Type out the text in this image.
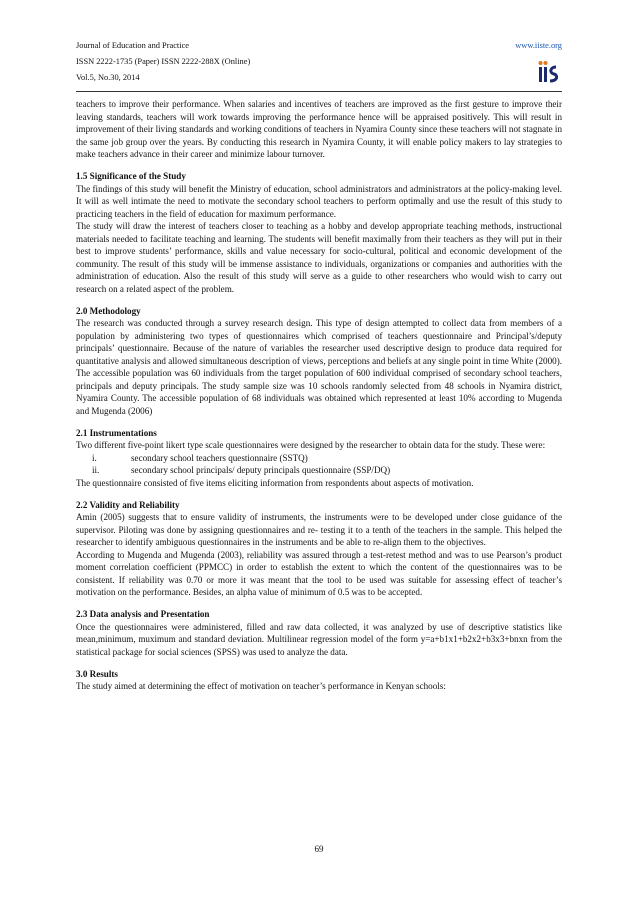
Journal of Education and Practice
ISSN 2222-1735 (Paper) ISSN 2222-288X (Online)
Vol.5, No.30, 2014
www.iiste.org

teachers to improve their performance. When salaries and incentives of teachers are improved as the first gesture to improve their leaving standards, teachers will work towards improving the performance hence will be appraised positively. This will result in improvement of their living standards and working conditions of teachers in Nyamira County since these teachers will not stagnate in the same job group over the years. By conducting this research in Nyamira County, it will enable policy makers to lay strategies to make teachers advance in their career and minimize labour turnover.

1.5 Significance of the Study

The findings of this study will benefit the Ministry of education, school administrators and administrators at the policy-making level. It will as well intimate the need to motivate the secondary school teachers to perform optimally and use the result of this study to practicing teachers in the field of education for maximum performance.

The study will draw the interest of teachers closer to teaching as a hobby and develop appropriate teaching methods, instructional materials needed to facilitate teaching and learning. The students will benefit maximally from their teachers as they will put in their best to improve students’ performance, skills and value necessary for socio-cultural, political and economic development of the community. The result of this study will be immense assistance to individuals, organizations or companies and authorities with the administration of education. Also the result of this study will serve as a guide to other researchers who would wish to carry out research on a related aspect of the problem.

2.0 Methodology

The research was conducted through a survey research design. This type of design attempted to collect data from members of a population by administering two types of questionnaires which comprised of teachers questionnaire and Principal’s/deputy principals’ questionnaire. Because of the nature of variables the researcher used descriptive design to produce data required for quantitative analysis and allowed simultaneous description of views, perceptions and beliefs at any single point in time White (2000). The accessible population was 60 individuals from the target population of 600 individual comprised of secondary school teachers, principals and deputy principals. The study sample size was 10 schools randomly selected from 48 schools in Nyamira district, Nyamira County. The accessible population of 68 individuals was obtained which represented at least 10% according to Mugenda and Mugenda (2006)

2.1 Instrumentations

Two different five-point likert type scale questionnaires were designed by the researcher to obtain data for the study. These were:

i.	secondary school teachers questionnaire (SSTQ)
ii.	secondary school principals/ deputy principals questionnaire (SSP/DQ)

The questionnaire consisted of five items eliciting information from respondents about aspects of motivation.

2.2 Validity and Reliability

Amin (2005) suggests that to ensure validity of instruments, the instruments were to be developed under close guidance of the supervisor. Piloting was done by assigning questionnaires and re- testing it to a tenth of the teachers in the sample. This helped the researcher to identify ambiguous questionnaires in the instruments and be able to re-align them to the objectives.

According to Mugenda and Mugenda (2003), reliability was assured through a test-retest method and was to use Pearson’s product moment correlation coefficient (PPMCC) in order to establish the extent to which the content of the questionnaires was to be consistent. If reliability was 0.70 or more it was meant that the tool to be used was suitable for assessing effect of teacher’s motivation on the performance. Besides, an alpha value of minimum of 0.5 was to be accepted.

2.3 Data analysis and Presentation

Once the questionnaires were administered, filled and raw data collected, it was analyzed by use of descriptive statistics like mean,minimum, muximum and standard deviation. Multilinear regression model of the form y=a+b1x1+b2x2+b3x3+bnxn from the statistical package for social sciences (SPSS) was used to analyze the data.

3.0 Results

The study aimed at determining the effect of motivation on teacher’s performance in Kenyan schools:

69
